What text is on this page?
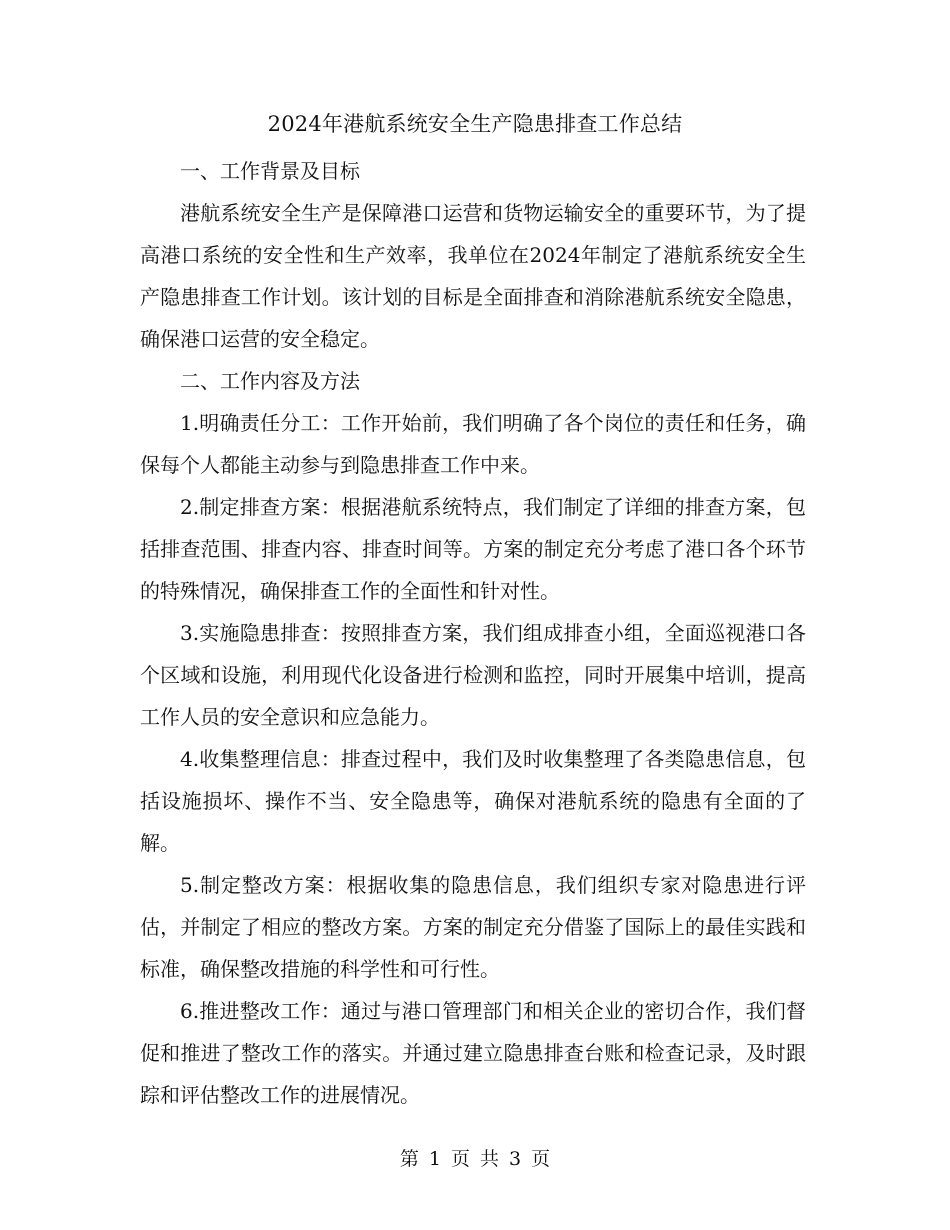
2024年港航系统安全生产隐患排查工作总结

一、工作背景及目标

港航系统安全生产是保障港口运营和货物运输安全的重要环节，为了提高港口系统的安全性和生产效率，我单位在2024年制定了港航系统安全生产隐患排查工作计划。该计划的目标是全面排查和消除港航系统安全隐患，确保港口运营的安全稳定。

二、工作内容及方法

1.明确责任分工：工作开始前，我们明确了各个岗位的责任和任务，确保每个人都能主动参与到隐患排查工作中来。

2.制定排查方案：根据港航系统特点，我们制定了详细的排查方案，包括排查范围、排查内容、排查时间等。方案的制定充分考虑了港口各个环节的特殊情况，确保排查工作的全面性和针对性。

3.实施隐患排查：按照排查方案，我们组成排查小组，全面巡视港口各个区域和设施，利用现代化设备进行检测和监控，同时开展集中培训，提高工作人员的安全意识和应急能力。

4.收集整理信息：排查过程中，我们及时收集整理了各类隐患信息，包括设施损坏、操作不当、安全隐患等，确保对港航系统的隐患有全面的了解。

5.制定整改方案：根据收集的隐患信息，我们组织专家对隐患进行评估，并制定了相应的整改方案。方案的制定充分借鉴了国际上的最佳实践和标准，确保整改措施的科学性和可行性。

6.推进整改工作：通过与港口管理部门和相关企业的密切合作，我们督促和推进了整改工作的落实。并通过建立隐患排查台账和检查记录，及时跟踪和评估整改工作的进展情况。

第 1 页 共 3 页
